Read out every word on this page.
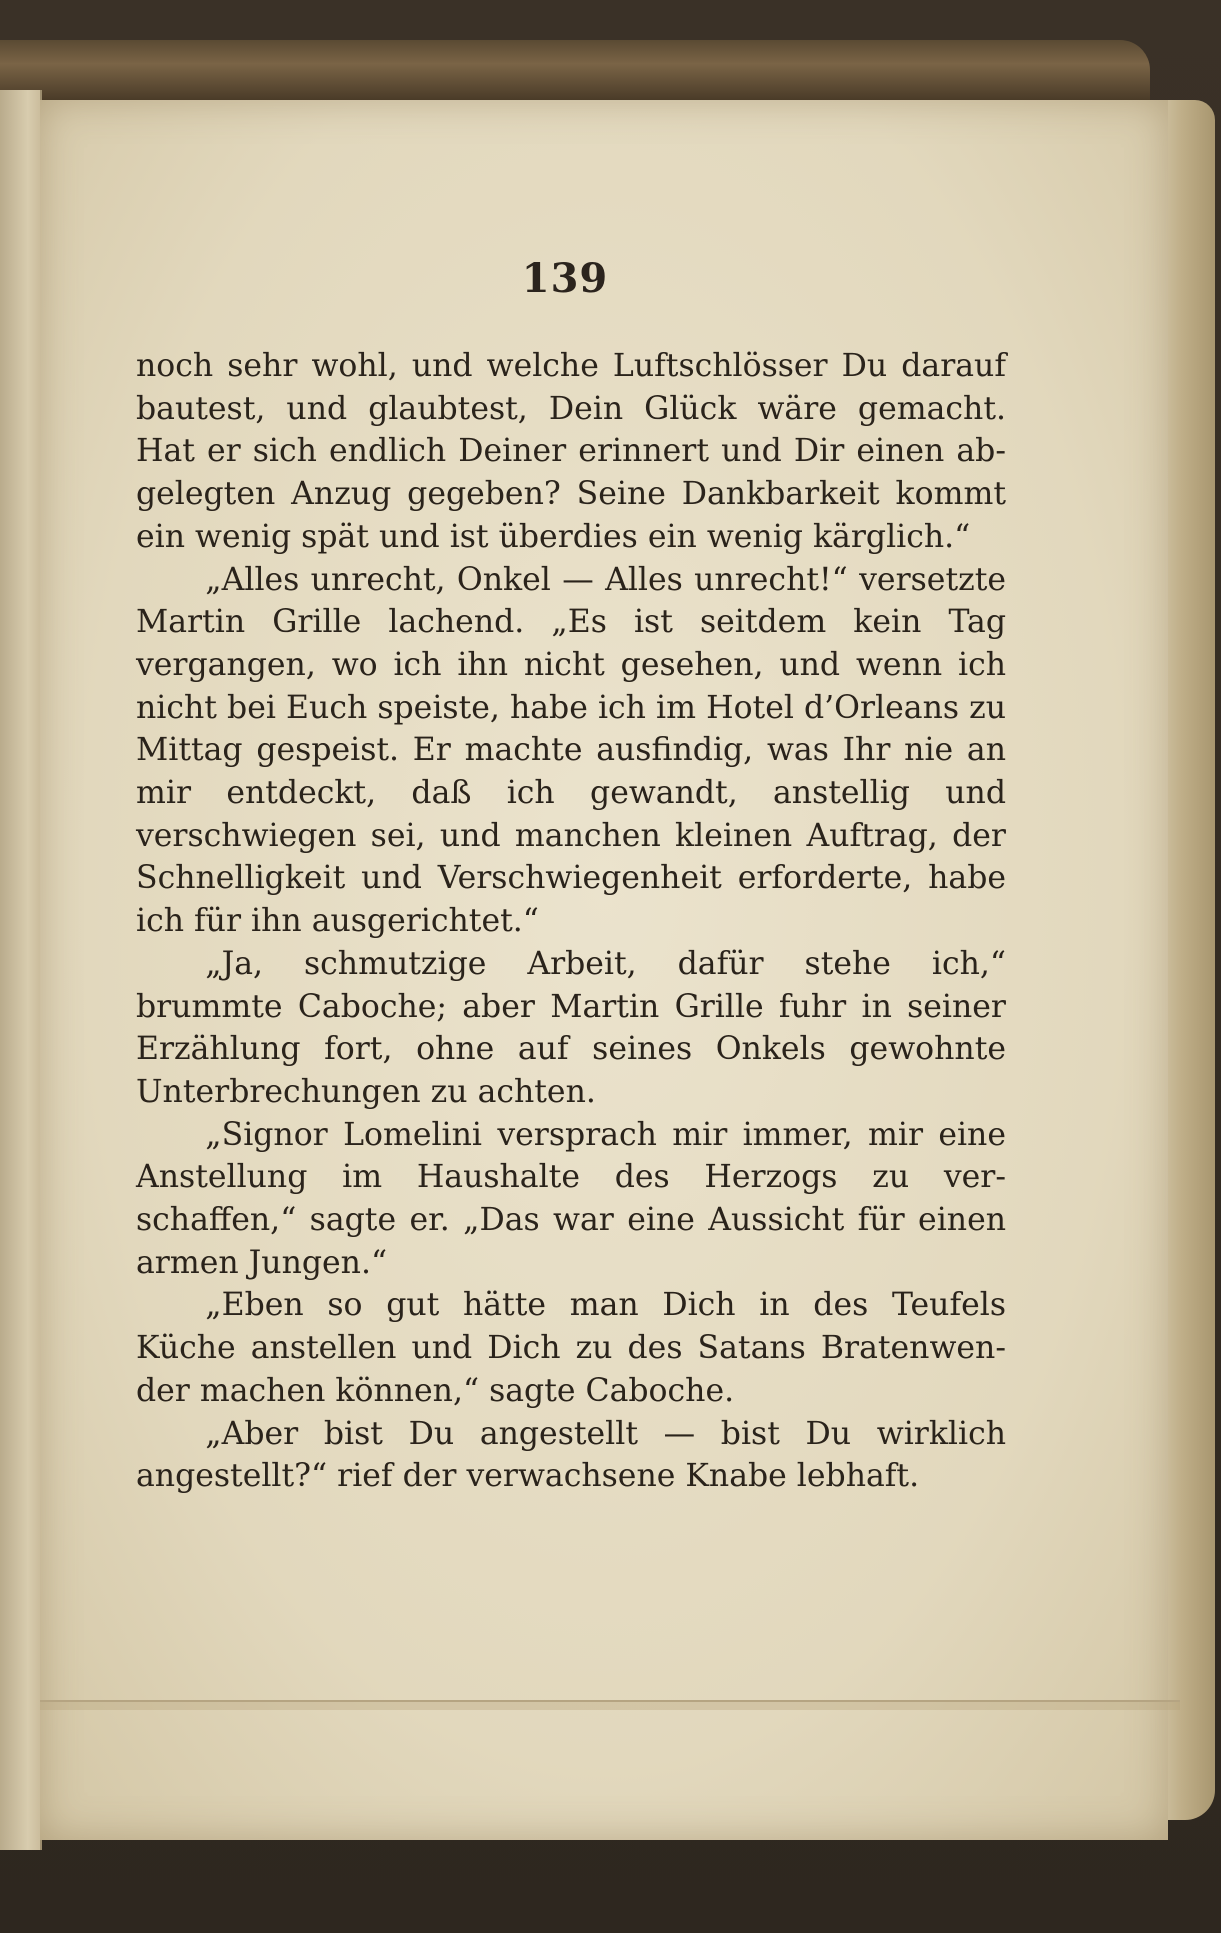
139

noch sehr wohl, und welche Luftschlösser Du darauf bautest, und glaubtest, Dein Glück wäre gemacht. Hat er sich endlich Deiner erinnert und Dir einen abgelegten Anzug gegeben? Seine Dankbarkeit kommt ein wenig spät und ist überdies ein wenig kärglich.“

„Alles unrecht, Onkel — Alles unrecht!“ versetzte Martin Grille lachend. „Es ist seitdem kein Tag vergangen, wo ich ihn nicht gesehen, und wenn ich nicht bei Euch speiste, habe ich im Hotel d’Orleans zu Mittag gespeist. Er machte ausfindig, was Ihr nie an mir entdeckt, daß ich gewandt, anstellig und verschwiegen sei, und manchen kleinen Auftrag, der Schnelligkeit und Verschwiegenheit erforderte, habe ich für ihn ausgerichtet.“

„Ja, schmutzige Arbeit, dafür stehe ich,“ brummte Caboche; aber Martin Grille fuhr in seiner Erzählung fort, ohne auf seines Onkels gewohnte Unterbrechungen zu achten.

„Signor Lomelini versprach mir immer, mir eine Anstellung im Haushalte des Herzogs zu verschaffen,“ sagte er. „Das war eine Aussicht für einen armen Jungen.“

„Eben so gut hätte man Dich in des Teufels Küche anstellen und Dich zu des Satans Bratenwender machen können,“ sagte Caboche.

„Aber bist Du angestellt — bist Du wirklich angestellt?“ rief der verwachsene Knabe lebhaft.
